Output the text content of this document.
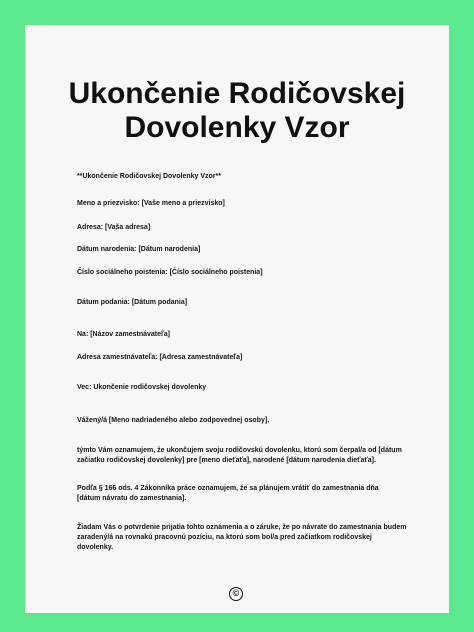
Ukončenie Rodičovskej
Dovolenky Vzor
**Ukončenie Rodičovskej Dovolenky Vzor**
Meno a priezvisko: [Vaše meno a priezvisko]
Adresa: [Vaša adresa]
Dátum narodenia: [Dátum narodenia]
Číslo sociálneho poistenia: [Číslo sociálneho poistenia]
Dátum podania: [Dátum podania]
Na: [Názov zamestnávateľa]
Adresa zamestnávateľa: [Adresa zamestnávateľa]
Vec: Ukončenie rodičovskej dovolenky
Vážený/á [Meno nadriadeného alebo zodpovednej osoby],
týmto Vám oznamujem, že ukončujem svoju rodičovskú dovolenku, ktorú som čerpal/a od [dátum začiatku rodičovskej dovolenky] pre [meno dieťaťa], narodené [dátum narodenia dieťaťa].
Podľa § 166 ods. 4 Zákonníka práce oznamujem, že sa plánujem vrátiť do zamestnania dňa [dátum návratu do zamestnania].
Žiadam Vás o potvrdenie prijatia tohto oznámenia a o záruke, že po návrate do zamestnania budem zaradený/á na rovnakú pracovnú pozíciu, na ktorú som bol/a pred začiatkom rodičovskej dovolenky.
©
